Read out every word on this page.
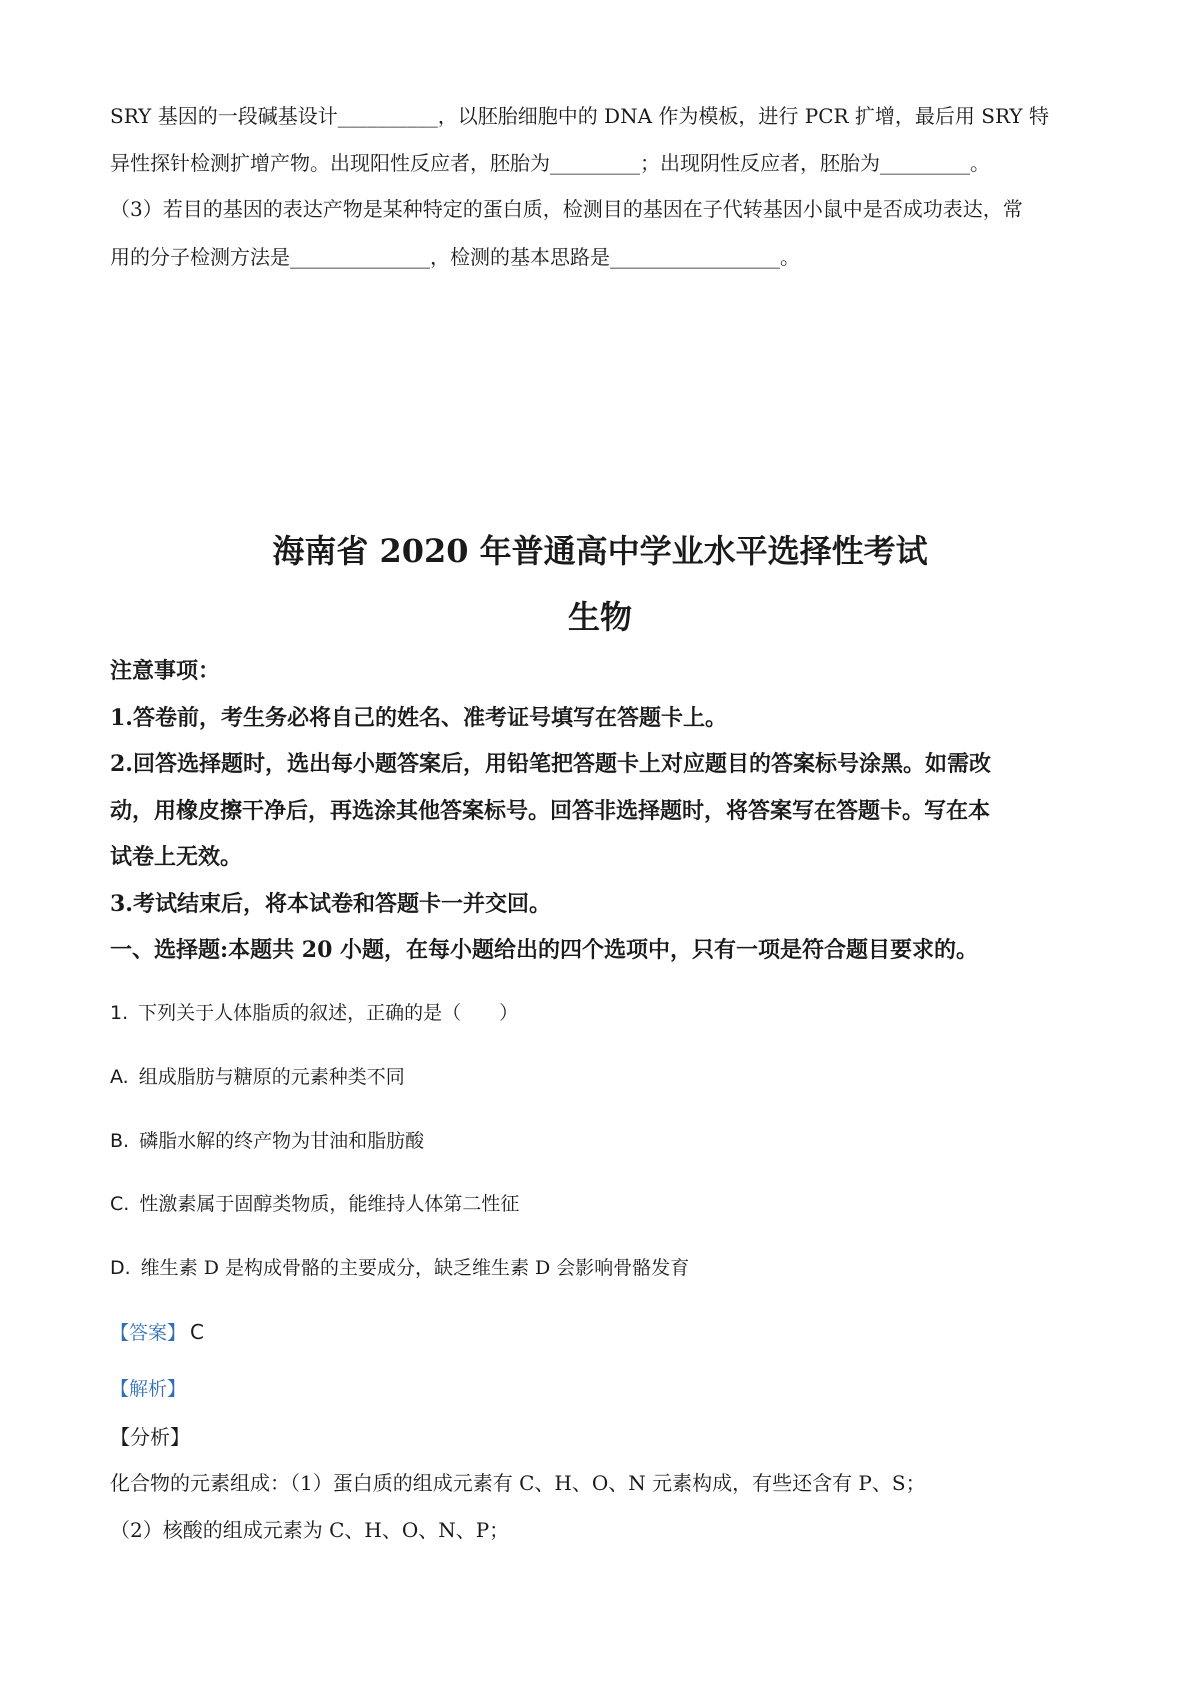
SRY 基因的一段碱基设计__________，以胚胎细胞中的 DNA 作为模板，进行 PCR 扩增，最后用 SRY 特
异性探针检测扩增产物。出现阳性反应者，胚胎为_________；出现阴性反应者，胚胎为_________。
（3）若目的基因的表达产物是某种特定的蛋白质，检测目的基因在子代转基因小鼠中是否成功表达，常
用的分子检测方法是______________，检测的基本思路是_________________。
海南省 2020 年普通高中学业水平选择性考试
生物
注意事项：
1.答卷前，考生务必将自己的姓名、准考证号填写在答题卡上。
2.回答选择题时，选出每小题答案后，用铅笔把答题卡上对应题目的答案标号涂黑。如需改
动，用橡皮擦干净后，再选涂其他答案标号。回答非选择题时，将答案写在答题卡。写在本
试卷上无效。
3.考试结束后，将本试卷和答题卡一并交回。
一、选择题:本题共 20 小题，在每小题给出的四个选项中，只有一项是符合题目要求的。
1. 下列关于人体脂质的叙述，正确的是（　　）
A. 组成脂肪与糖原的元素种类不同
B. 磷脂水解的终产物为甘油和脂肪酸
C. 性激素属于固醇类物质，能维持人体第二性征
D. 维生素 D 是构成骨骼的主要成分，缺乏维生素 D 会影响骨骼发育
【答案】 C
【解析】
【分析】
化合物的元素组成：（1）蛋白质的组成元素有 C、H、O、N 元素构成，有些还含有 P、S；
（2）核酸的组成元素为 C、H、O、N、P；
